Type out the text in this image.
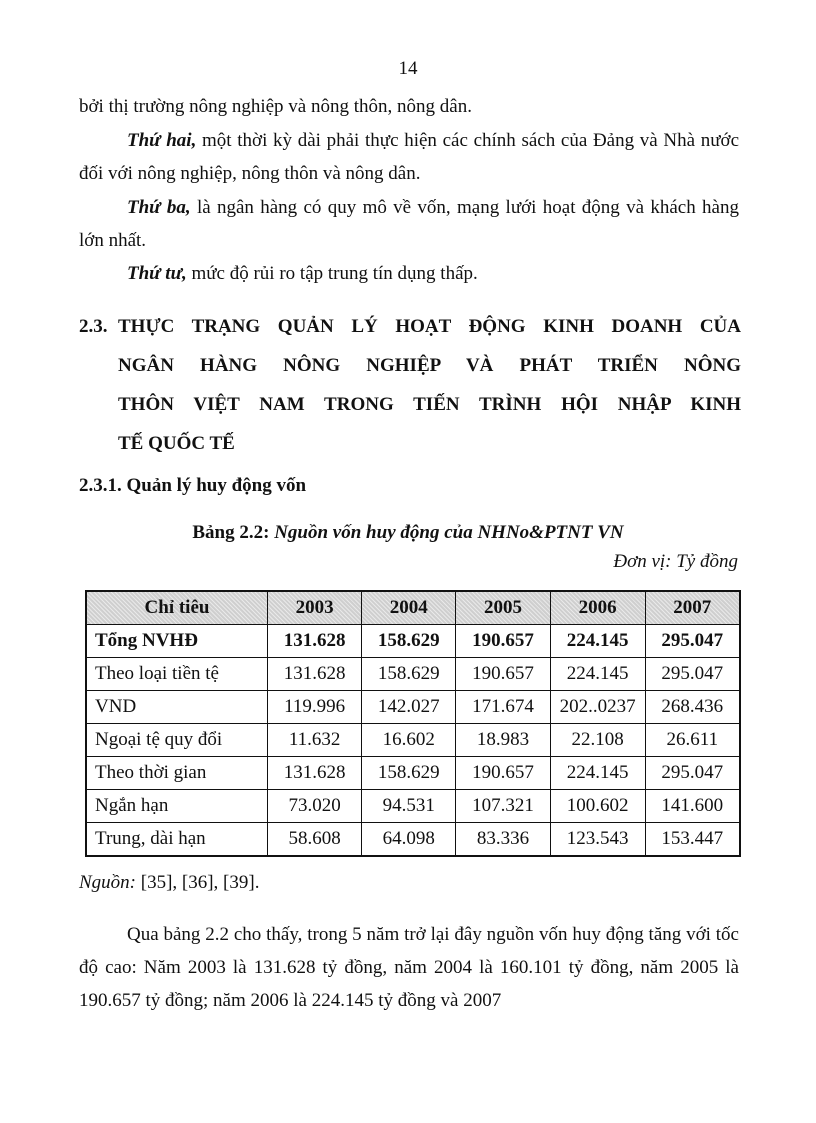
14

bởi thị trường nông nghiệp và nông thôn, nông dân.

Thứ hai, một thời kỳ dài phải thực hiện các chính sách của Đảng và Nhà nước đối với nông nghiệp, nông thôn và nông dân.

Thứ ba, là ngân hàng có quy mô về vốn, mạng lưới hoạt động và khách hàng lớn nhất.

Thứ tư, mức độ rủi ro tập trung tín dụng thấp.

2.3. THỰC TRẠNG QUẢN LÝ HOẠT ĐỘNG KINH DOANH CỦA
NGÂN HÀNG NÔNG NGHIỆP VÀ PHÁT TRIỂN NÔNG
THÔN VIỆT NAM TRONG TIẾN TRÌNH HỘI NHẬP KINH
TẾ QUỐC TẾ
2.3.1. Quản lý huy động vốn
Bảng 2.2: Nguồn vốn huy động của NHNo&PTNT VN
Đơn vị: Tỷ đồng
Chỉ tiêu	2003	2004	2005	2006	2007
Tổng NVHĐ	131.628	158.629	190.657	224.145	295.047
Theo loại tiền tệ	131.628	158.629	190.657	224.145	295.047
VND	119.996	142.027	171.674	202..0237	268.436
Ngoại tệ quy đổi	11.632	16.602	18.983	22.108	26.611
Theo thời gian	131.628	158.629	190.657	224.145	295.047
Ngắn hạn	73.020	94.531	107.321	100.602	141.600
Trung, dài hạn	58.608	64.098	83.336	123.543	153.447
Nguồn: [35], [36], [39].

Qua bảng 2.2 cho thấy, trong 5 năm trở lại đây nguồn vốn huy động tăng với tốc độ cao: Năm 2003 là 131.628 tỷ đồng, năm 2004 là 160.101 tỷ đồng, năm 2005 là 190.657 tỷ đồng; năm 2006 là 224.145 tỷ đồng và 2007
